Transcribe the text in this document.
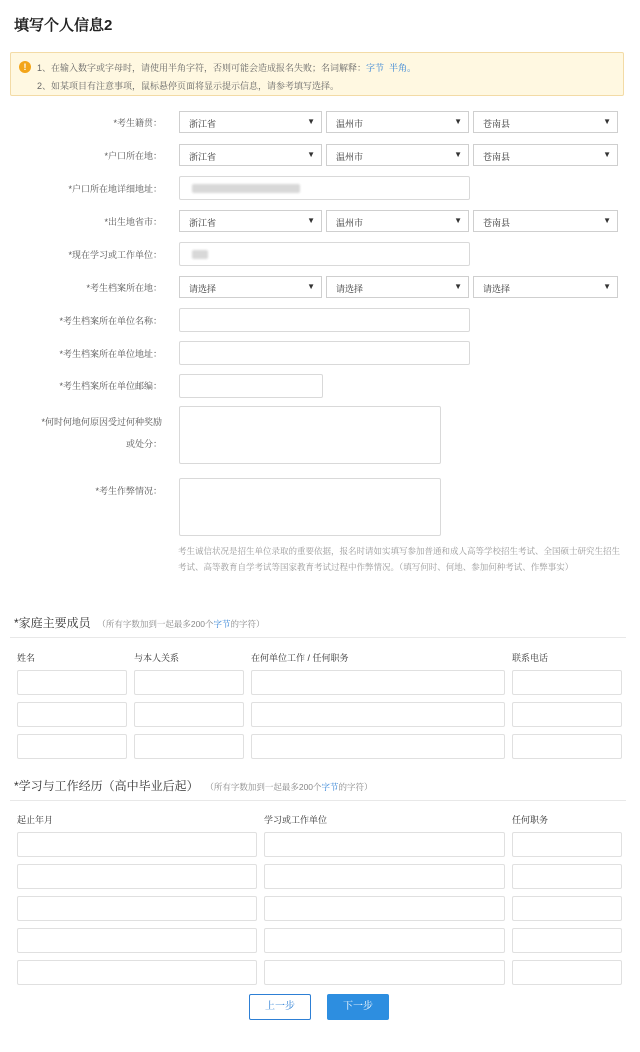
填写个人信息2
!	1、在输入数字或字母时，请使用半角字符，否则可能会造成报名失败；名词解释：字节 半角。
2、如某项目有注意事项，鼠标悬停页面将显示提示信息，请参考填写选择。
*考生籍贯：	浙江省	▼ 温州市	▼ 苍南县	▼
*户口所在地：	浙江省	▼ 温州市	▼ 苍南县	▼
*户口所在地详细地址：
*出生地省市：	浙江省	▼ 温州市	▼ 苍南县	▼
*现在学习或工作单位：
*考生档案所在地：	请选择	▼ 请选择	▼ 请选择	▼
*考生档案所在单位名称：
*考生档案所在单位地址：
*考生档案所在单位邮编：
*何时何地何原因受过何种奖励
或处分：
*考生作弊情况：
考生诚信状况是招生单位录取的重要依据，报名时请如实填写参加普通和成人高等学校招生考试、全国硕士研究生招生考试、高等教育自学考试等国家教育考试过程中作弊情况。（填写何时、何地、参加何种考试、作弊事实）
*家庭主要成员 （所有字数加到一起最多200个字节的字符）
姓名	与本人关系	在何单位工作 / 任何职务	联系电话
*学习与工作经历（高中毕业后起） （所有字数加到一起最多200个字节的字符）
起止年月	学习或工作单位	任何职务
上一步	下一步
